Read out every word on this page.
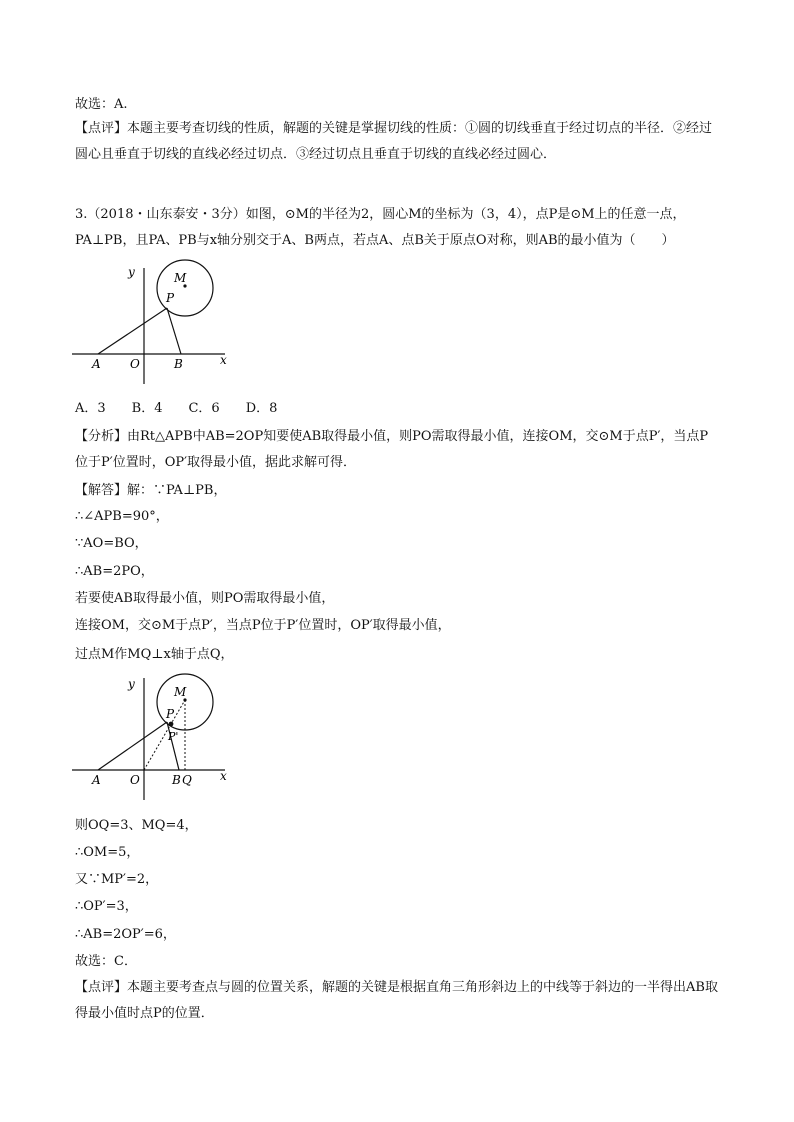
故选：A.
【点评】本题主要考查切线的性质，解题的关键是掌握切线的性质：①圆的切线垂直于经过切点的半径．②经过圆心且垂直于切线的直线必经过切点．③经过切点且垂直于切线的直线必经过圆心．
3.（2018・山东泰安・3分）如图，⊙M的半径为2，圆心M的坐标为（3，4），点P是⊙M上的任意一点，PA⊥PB，且PA、PB与x轴分别交于A、B两点，若点A、点B关于原点O对称，则AB的最小值为（　　）
y	M
P
A O	B	x
A．3　　B．4　　C．6　　D．8
【分析】由Rt△APB中AB=2OP知要使AB取得最小值，则PO需取得最小值，连接OM，交⊙M于点P′，当点P位于P′位置时，OP′取得最小值，据此求解可得．
【解答】解：∵PA⊥PB，
∴∠APB=90°，
∵AO=BO，
∴AB=2PO，
若要使AB取得最小值，则PO需取得最小值，
连接OM，交⊙M于点P′，当点P位于P′位置时，OP′取得最小值，
过点M作MQ⊥x轴于点Q，
y
M
P
P'
A O	B Q x
则OQ=3、MQ=4，
∴OM=5，
又∵MP′=2，
∴OP′=3，
∴AB=2OP′=6，
故选：C．
【点评】本题主要考查点与圆的位置关系，解题的关键是根据直角三角形斜边上的中线等于斜边的一半得出AB取得最小值时点P的位置．
